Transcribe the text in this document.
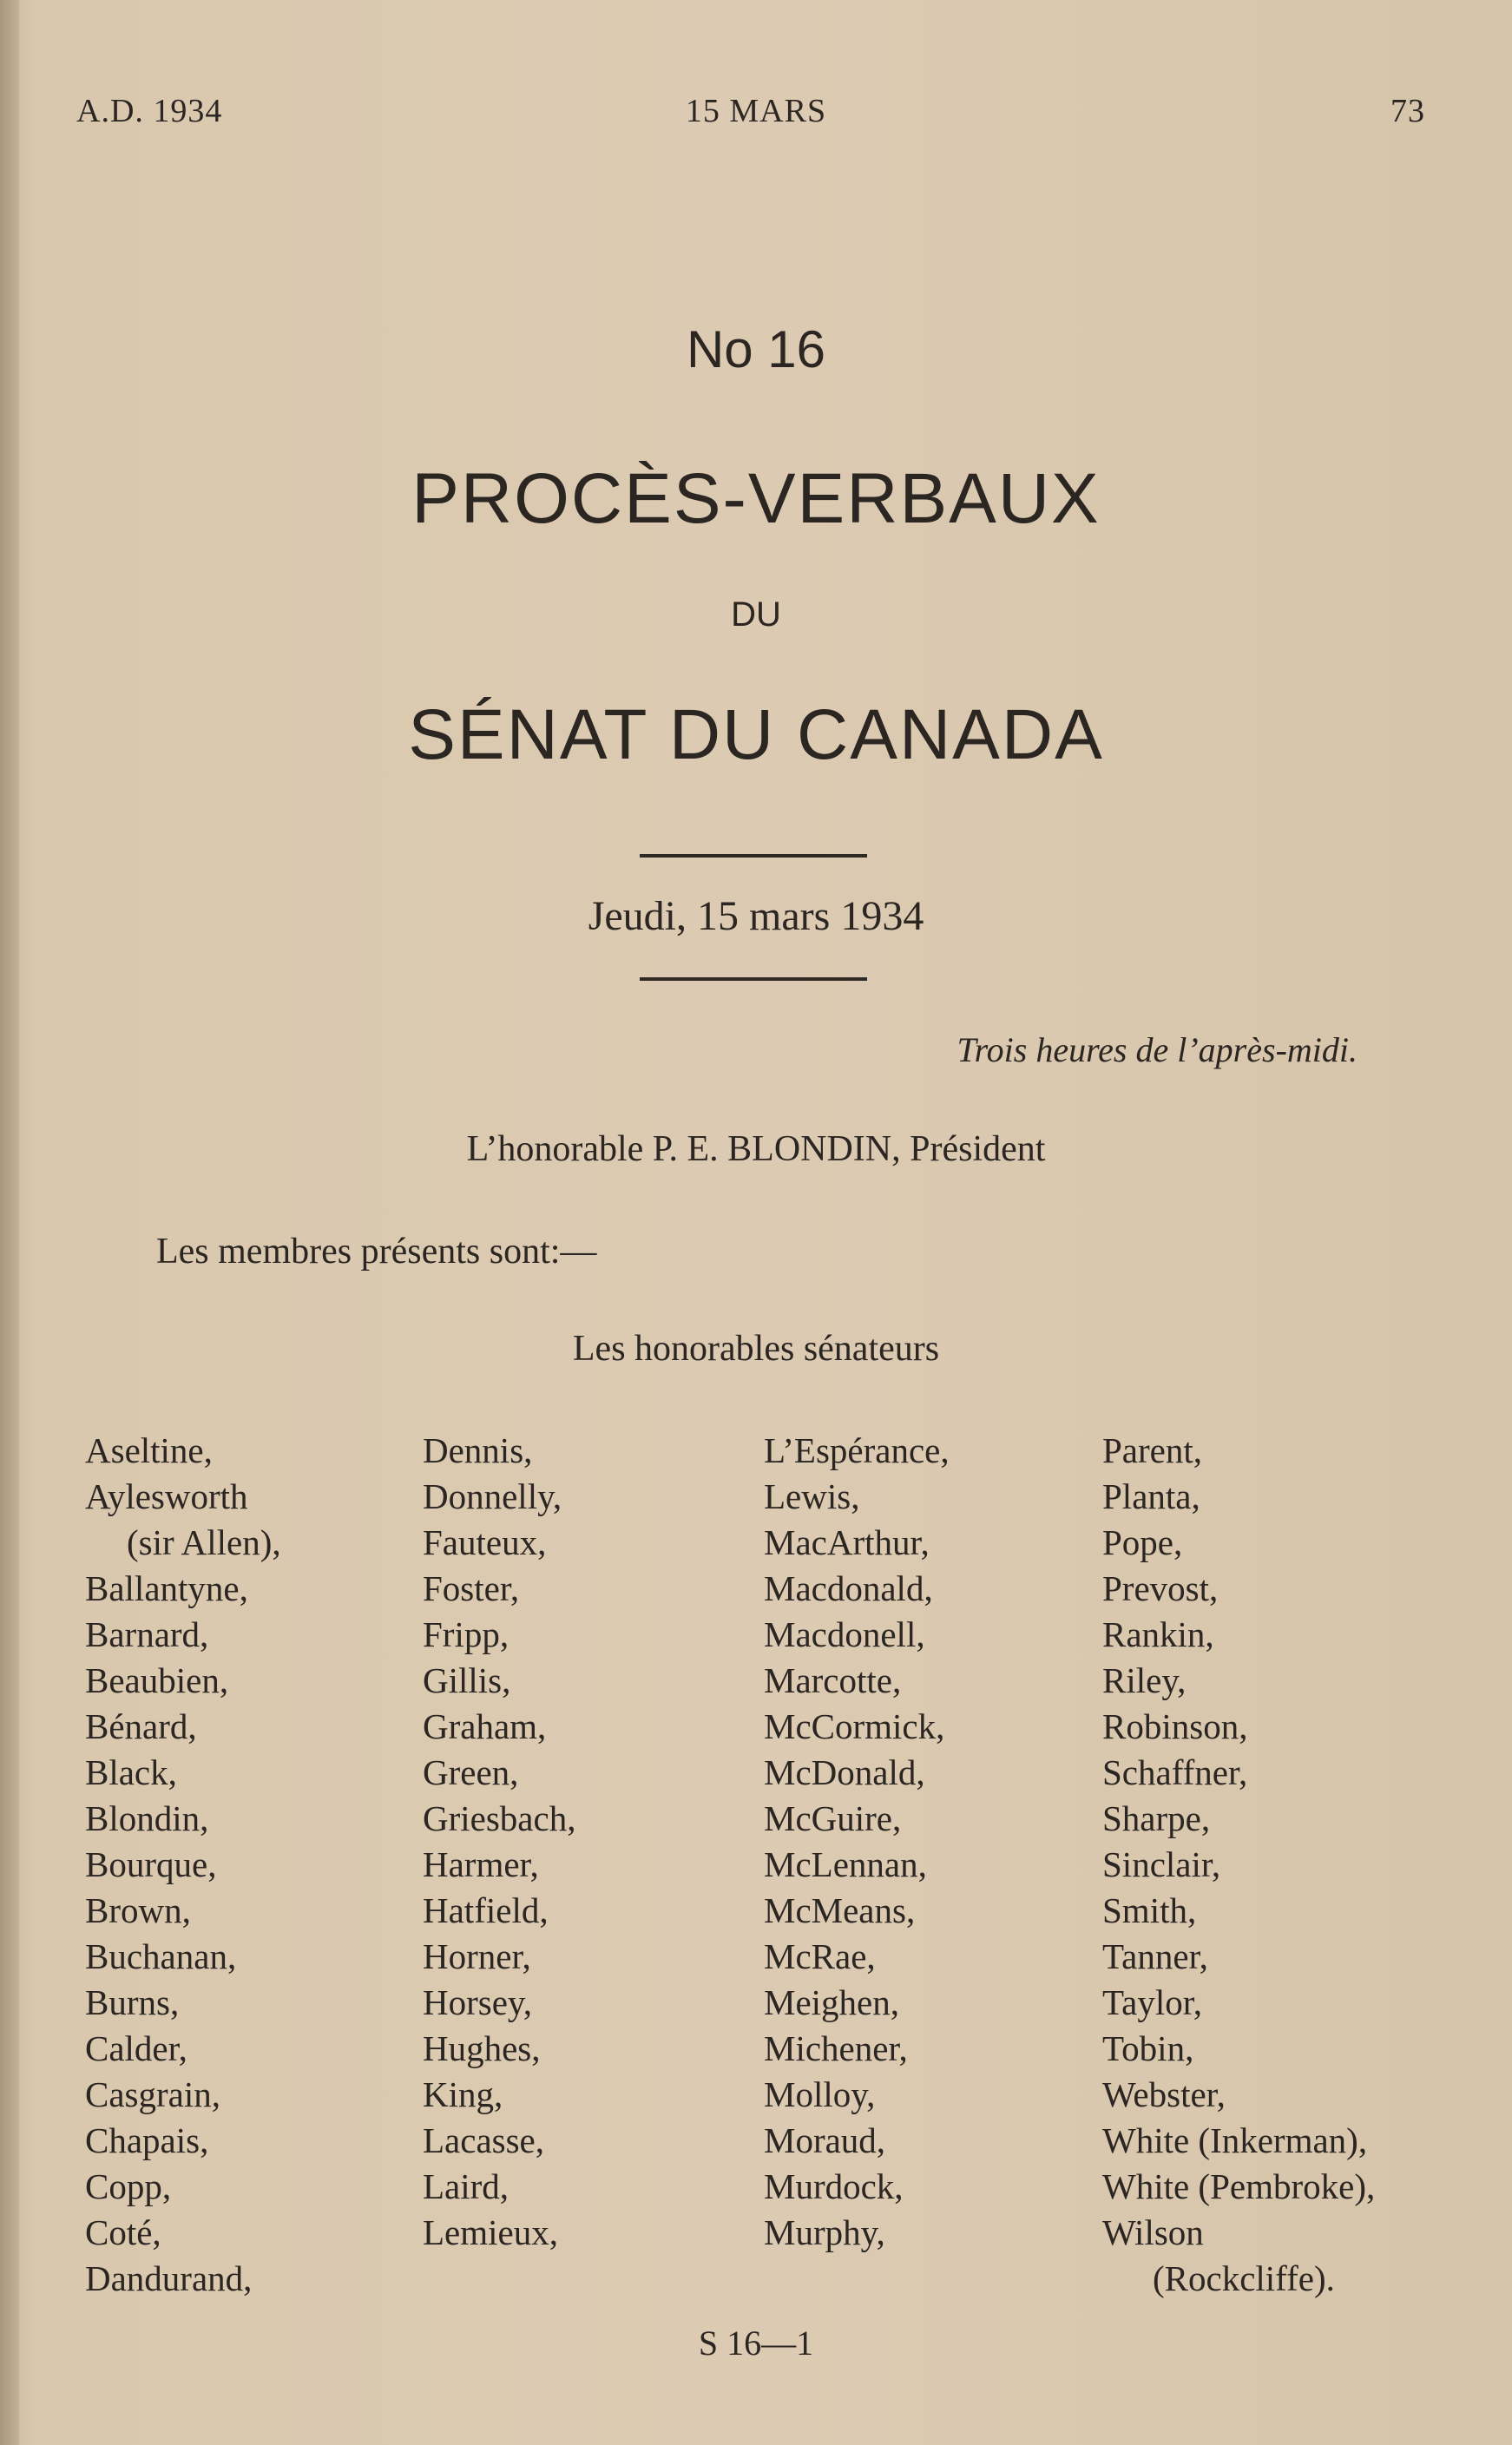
A.D. 1934	15 MARS	73
No 16
PROCÈS-VERBAUX
DU
SÉNAT DU CANADA
Jeudi, 15 mars 1934
Trois heures de l’après-midi.
L’honorable P. E. BLONDIN, Président
Les membres présents sont:—
Les honorables sénateurs
Aseltine,
Aylesworth
(sir Allen),
Ballantyne,
Barnard,
Beaubien,
Bénard,
Black,
Blondin,
Bourque,
Brown,
Buchanan,
Burns,
Calder,
Casgrain,
Chapais,
Copp,
Coté,
Dandurand,
Dennis,
Donnelly,
Fauteux,
Foster,
Fripp,
Gillis,
Graham,
Green,
Griesbach,
Harmer,
Hatfield,
Horner,
Horsey,
Hughes,
King,
Lacasse,
Laird,
Lemieux,
L’Espérance,
Lewis,
MacArthur,
Macdonald,
Macdonell,
Marcotte,
McCormick,
McDonald,
McGuire,
McLennan,
McMeans,
McRae,
Meighen,
Michener,
Molloy,
Moraud,
Murdock,
Murphy,
Parent,
Planta,
Pope,
Prevost,
Rankin,
Riley,
Robinson,
Schaffner,
Sharpe,
Sinclair,
Smith,
Tanner,
Taylor,
Tobin,
Webster,
White (Inkerman),
White (Pembroke),
Wilson
(Rockcliffe).
S 16—1
